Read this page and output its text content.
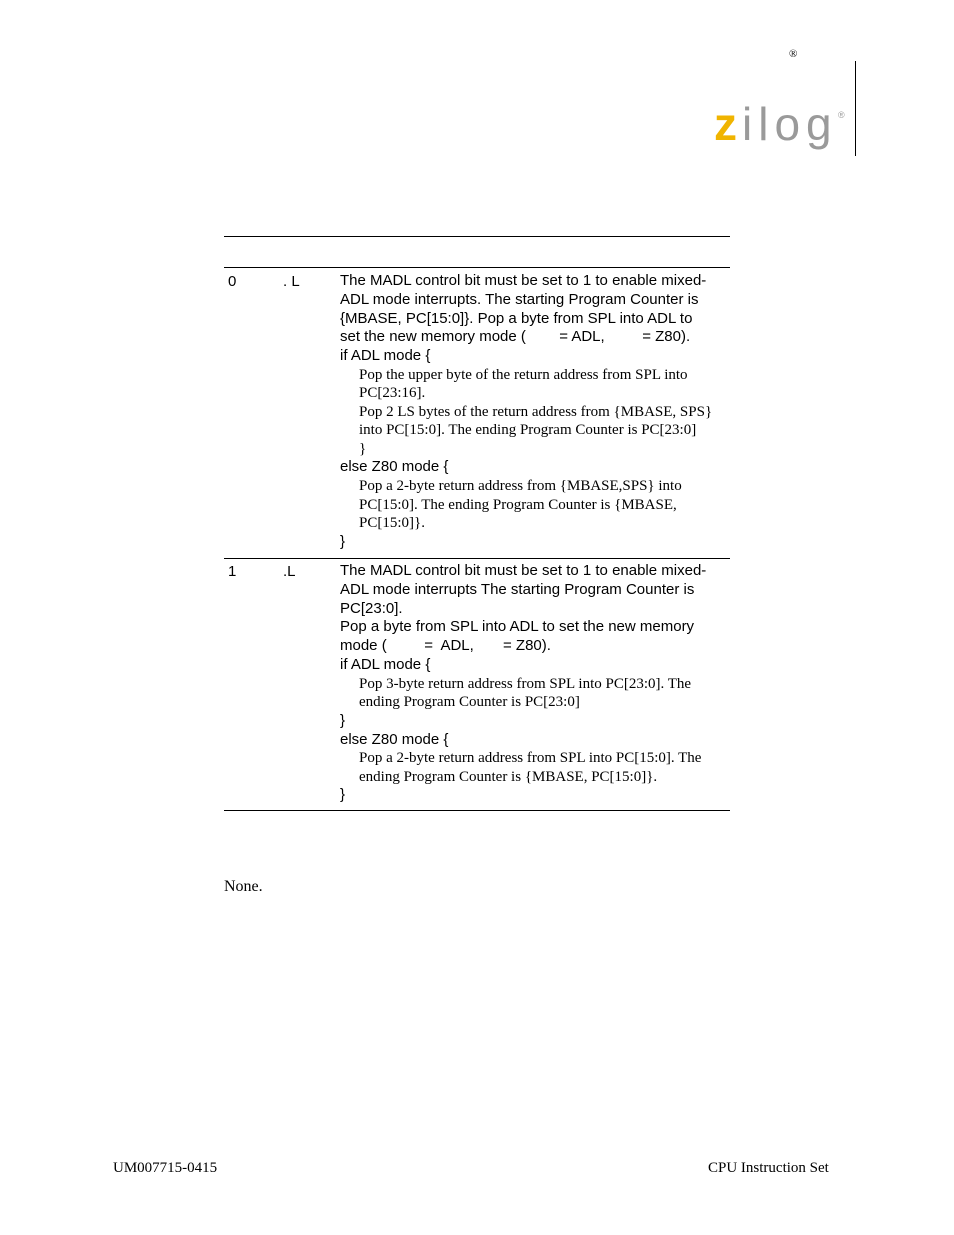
®
z ilog ®
0	. L	The MADL control bit must be set to 1 to enable mixed-

ADL mode interrupts. The starting Program Counter is

{MBASE, PC[15:0]}. Pop a byte from SPL into ADL to

set the new memory mode (        = ADL,         = Z80).

if ADL mode {

Pop the upper byte of the return address from SPL into

PC[23:16].

Pop 2 LS bytes of the return address from {MBASE, SPS}

into PC[15:0]. The ending Program Counter is PC[23:0]

}

else Z80 mode {

Pop a 2-byte return address from {MBASE,SPS} into

PC[15:0]. The ending Program Counter is {MBASE,

PC[15:0]}.

}

1	.L	The MADL control bit must be set to 1 to enable mixed-

ADL mode interrupts The starting Program Counter is

PC[23:0].

Pop a byte from SPL into ADL to set the new memory

mode (         =  ADL,       = Z80).

if ADL mode {

Pop 3-byte return address from SPL into PC[23:0]. The

ending Program Counter is PC[23:0]

}

else Z80 mode {

Pop a 2-byte return address from SPL into PC[15:0]. The

ending Program Counter is {MBASE, PC[15:0]}.

}

None.
UM007715-0415	CPU Instruction Set
